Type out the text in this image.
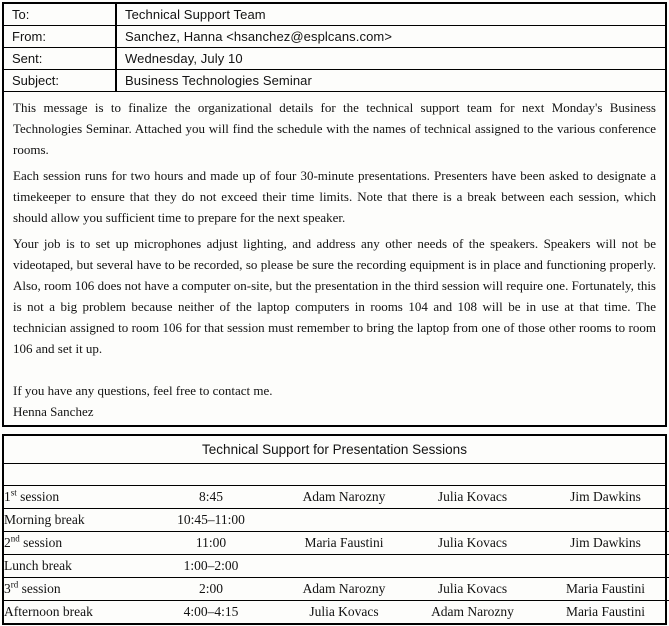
To:	Technical Support Team
From:	Sanchez, Hanna <hsanchez@esplcans.com>
Sent:	Wednesday, July 10
Subject:	Business Technologies Seminar

This message is to finalize the organizational details for the technical support team for next Monday's Business Technologies Seminar. Attached you will find the schedule with the names of technical assigned to the various conference rooms.

Each session runs for two hours and made up of four 30-minute presentations. Presenters have been asked to designate a timekeeper to ensure that they do not exceed their time limits. Note that there is a break between each session, which should allow you sufficient time to prepare for the next speaker.

Your job is to set up microphones adjust lighting, and address any other needs of the speakers. Speakers will not be videotaped, but several have to be recorded, so please be sure the recording equipment is in place and functioning properly. Also, room 106 does not have a computer on-site, but the presentation in the third session will require one. Fortunately, this is not a big problem because neither of the laptop computers in rooms 104 and 108 will be in use at that time. The technician assigned to room 106 for that session must remember to bring the laptop from one of those other rooms to room 106 and set it up.

If you have any questions, feel free to contact me.

Henna Sanchez

Technical Support for Presentation Sessions
1st session	8:45	Adam Narozny	Julia Kovacs	Jim Dawkins
Morning break	10:45–11:00			
2nd session	11:00	Maria Faustini	Julia Kovacs	Jim Dawkins
Lunch break	1:00–2:00			
3rd session	2:00	Adam Narozny	Julia Kovacs	Maria Faustini
Afternoon break	4:00–4:15	Julia Kovacs	Adam Narozny	Maria Faustini
